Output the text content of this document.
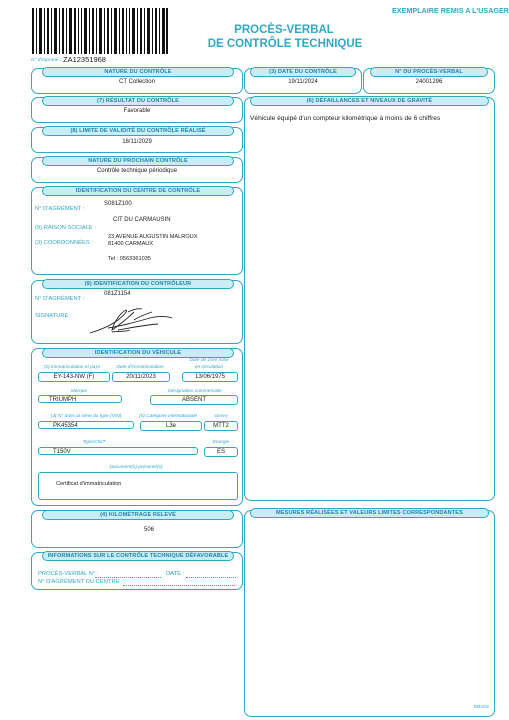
EXEMPLAIRE REMIS A L'USAGER
PROCÈS-VERBAL
DE CONTRÔLE TECHNIQUE
N° d'imprimé : ZA12351968
NATURE DU CONTRÔLE
CT Collection
(3) DATE DU CONTRÔLE
19/11/2024
N° DU PROCÈS-VERBAL
24001296
(7) RÉSULTAT DU CONTRÔLE
Favorable
(6) DÉFAILLANCES ET NIVEAUX DE GRAVITÉ
Véhicule équipé d'un compteur kilométrique à moins de 6 chiffres
(8) LIMITE DE VALIDITÉ DU CONTRÔLE RÉALISÉ
18/11/2029
NATURE DU PROCHAIN CONTRÔLE
Contrôle technique périodique
IDENTIFICATION DU CENTRE DE CONTRÔLE
N° D'AGRÉMENT :
S081Z100
CIT DU CARMAUSIN
(9) RAISON SOCIALE :
(3) COORDONNÉES :
23 AVENUE AUGUSTIN MALROUX
81400 CARMAUX
Tel : 0563361035
(9) IDENTIFICATION DU CONTRÔLEUR
081Z1154
N° D'AGRÉMENT :
SIGNATURE :
IDENTIFICATION DU VÉHICULE
(2) Immatriculation et pays
EY-143-NW (F)
Date d'immatriculation
20/11/2023
Date de 1ère mise
en circulation
13/06/1975
Marque
TRIUMPH
Désignation commerciale
ABSENT
(4) N° dans la série du type (VIN)
PK45354
(5) Catégorie internationale
L3e
Genre
MTT2
Type/CNIT
T150V
Énergie
ES
Document(s) présenté(s)
Certificat d'immatriculation
(4) KILOMÉTRAGE RELEVÉ
506
MESURES RÉALISÉES ET VALEURS LIMITES CORRESPONDANTES
INFORMATIONS SUR LE CONTRÔLE TECHNIQUE DÉFAVORABLE
PROCÈS-VERBAL N° :	DATE :
N° D'AGRÉMENT DU CENTRE :
BMA/02
